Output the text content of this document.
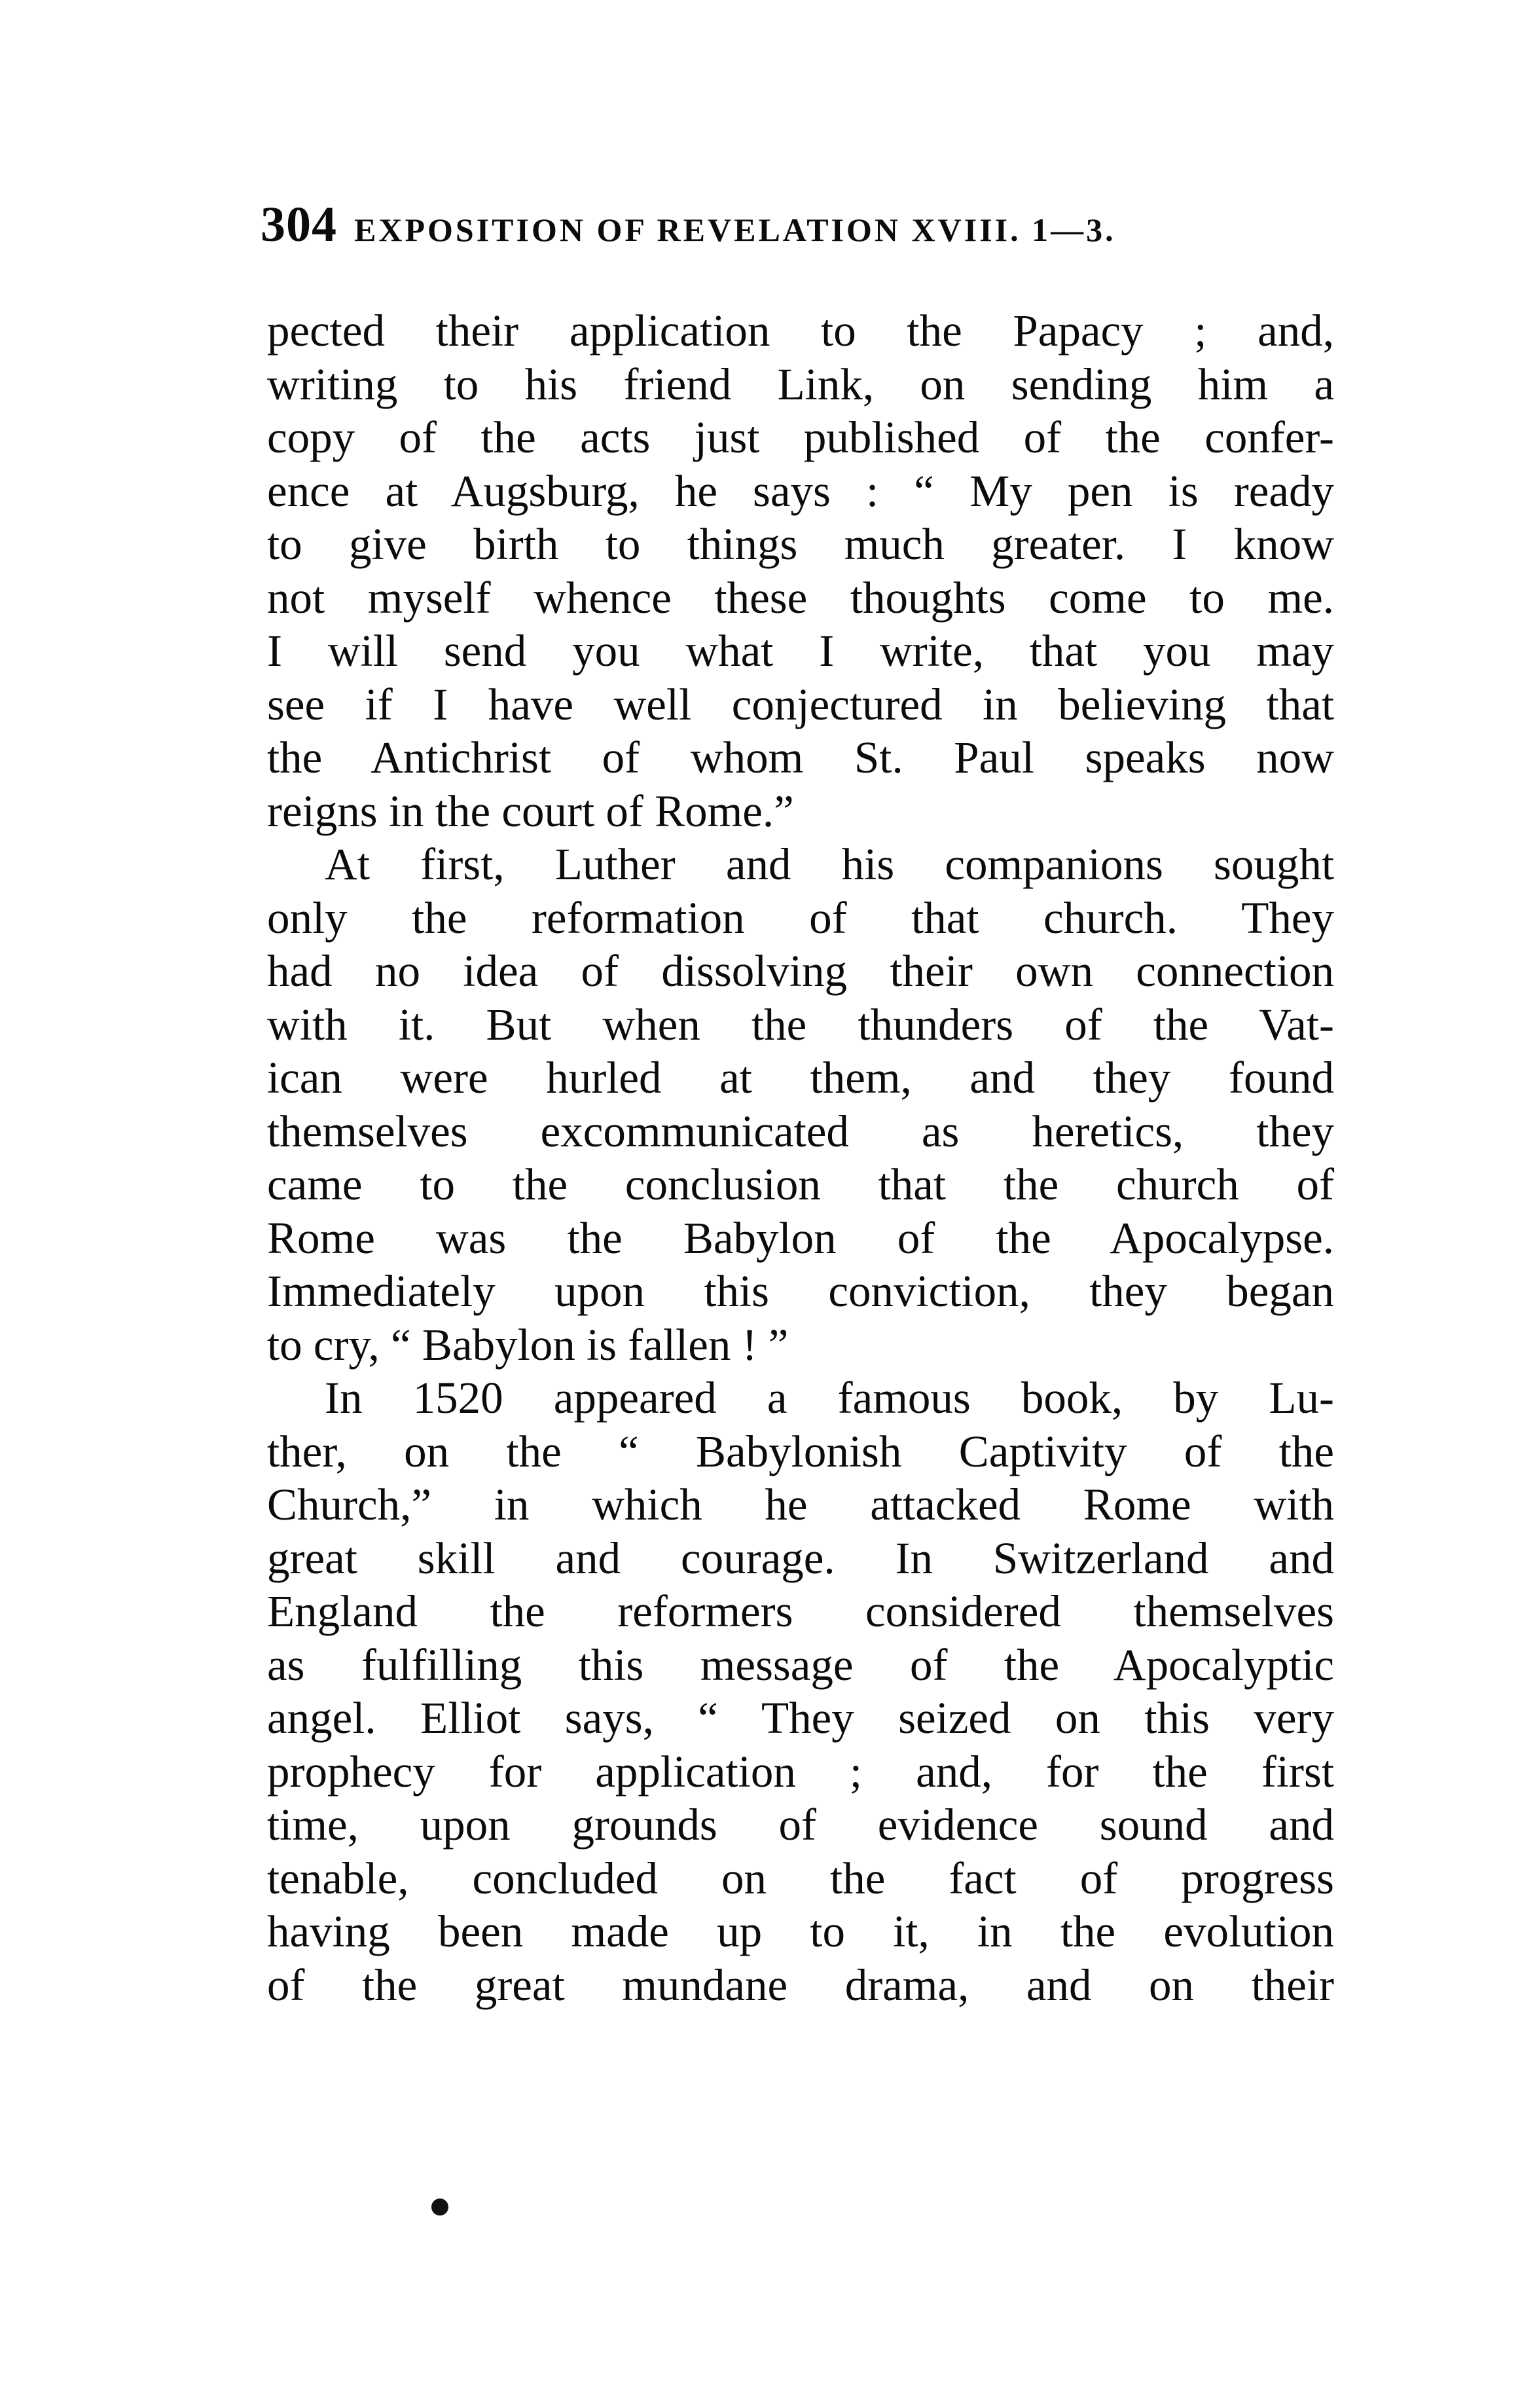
304 EXPOSITION OF REVELATION XVIII. 1—3.
pected their application to the Papacy ; and,
writing to his friend Link, on sending him a
copy of the acts just published of the confer-
ence at Augsburg, he says : “ My pen is ready
to give birth to things much greater. I know
not myself whence these thoughts come to me.
I will send you what I write, that you may
see if I have well conjectured in believing that
the Antichrist of whom St. Paul speaks now
reigns in the court of Rome.”
At first, Luther and his companions sought
only the reformation of that church. They
had no idea of dissolving their own connection
with it. But when the thunders of the Vat-
ican were hurled at them, and they found
themselves excommunicated as heretics, they
came to the conclusion that the church of
Rome was the Babylon of the Apocalypse.
Immediately upon this conviction, they began
to cry, “ Babylon is fallen ! ”
In 1520 appeared a famous book, by Lu-
ther, on the “ Babylonish Captivity of the
Church,” in which he attacked Rome with
great skill and courage. In Switzerland and
England the reformers considered themselves
as fulfilling this message of the Apocalyptic
angel. Elliot says, “ They seized on this very
prophecy for application ; and, for the first
time, upon grounds of evidence sound and
tenable, concluded on the fact of progress
having been made up to it, in the evolution
of the great mundane drama, and on their
